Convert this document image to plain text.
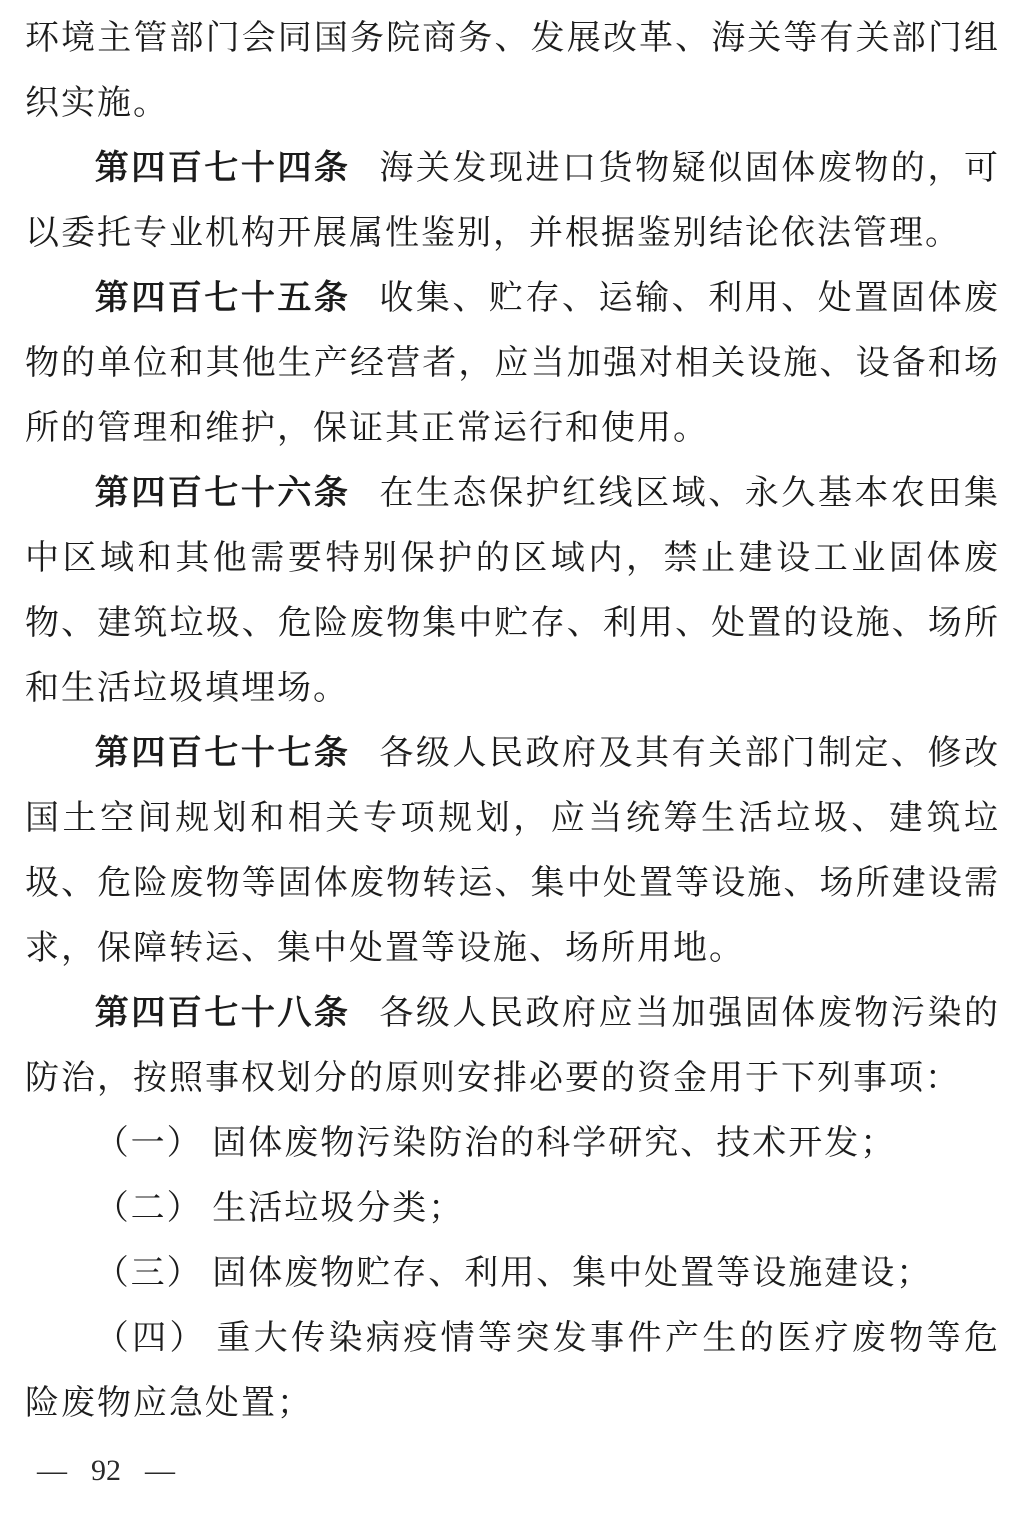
环境主管部门会同国务院商务、发展改革、海关等有关部门组织实施。

第四百七十四条 海关发现进口货物疑似固体废物的，可以委托专业机构开展属性鉴别，并根据鉴别结论依法管理。

第四百七十五条 收集、贮存、运输、利用、处置固体废物的单位和其他生产经营者，应当加强对相关设施、设备和场所的管理和维护，保证其正常运行和使用。

第四百七十六条 在生态保护红线区域、永久基本农田集中区域和其他需要特别保护的区域内，禁止建设工业固体废物、建筑垃圾、危险废物集中贮存、利用、处置的设施、场所和生活垃圾填埋场。

第四百七十七条 各级人民政府及其有关部门制定、修改国土空间规划和相关专项规划，应当统筹生活垃圾、建筑垃圾、危险废物等固体废物转运、集中处置等设施、场所建设需求，保障转运、集中处置等设施、场所用地。

第四百七十八条 各级人民政府应当加强固体废物污染的防治，按照事权划分的原则安排必要的资金用于下列事项：

（一） 固体废物污染防治的科学研究、技术开发；

（二） 生活垃圾分类；

（三） 固体废物贮存、利用、集中处置等设施建设；

（四） 重大传染病疫情等突发事件产生的医疗废物等危险废物应急处置；

— 92 —
